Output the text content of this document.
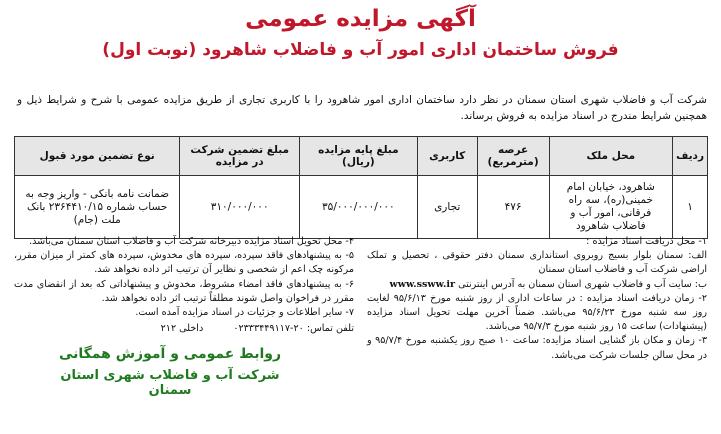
آگهی مزایده عمومی
فروش ساختمان اداری امور آب و فاضلاب شاهرود (نوبت اول)
شرکت آب و فاضلاب شهری استان سمنان در نظر دارد ساختمان اداری امور شاهرود را با کاربری تجاری از طریق مزایده عمومی با شرح و شرایط ذیل و همچنین شرایط مندرج در اسناد مزایده به فروش برساند.
ردیف	محل ملک	عرصه (مترمربع)	کاربری	مبلغ پایه مزایده (ریال)	مبلغ تضمین شرکت در مزایده	نوع تضمین مورد قبول
۱	شاهرود، خیابان امام خمینی(ره)، سه راه فرقانی، امور آب و فاضلاب شاهرود	۴۷۶	تجاری	۳۵/۰۰۰/۰۰۰/۰۰۰	۳۱۰/۰۰۰/۰۰۰	ضمانت نامه بانکی - واریز وجه به حساب شماره ۲۳۶۴۴۱۰/۱۵ بانک ملت (جام)

۱- محل دریافت اسناد مزایده :

الف: سمنان بلوار بسیج روبروی استانداری سمنان دفتر حقوقی ، تحصیل و تملک اراضی شرکت آب و فاضلاب استان سمنان

ب: سایت آب و فاضلاب شهری استان سمنان به آدرس اینترنتی www.ssww.ir

۲- زمان دریافت اسناد مزایده : در ساعات اداری از روز شنبه مورخ ۹۵/۶/۱۳ لغایت روز سه شنبه مورخ ۹۵/۶/۲۳ می‌باشد. ضمناً آخرین مهلت تحویل اسناد مزایده (پیشنهادات) ساعت ۱۵ روز شنبه مورخ ۹۵/۷/۳ می‌باشد.

۳- زمان و مکان باز گشایی اسناد مزایده: ساعت ۱۰ صبح روز یکشنبه مورخ ۹۵/۷/۴ و در محل سالن جلسات شرکت می‌باشد.

۴- محل تحویل اسناد مزایده دبیرخانه شرکت آب و فاضلاب استان سمنان می‌باشد.

۵- به پیشنهادهای فاقد سپرده، سپرده های مخدوش، سپرده های کمتر از میزان مقرر، مرکونه چک اعم از شخصی و نظایر آن ترتیب اثر داده نخواهد شد.

۶- به پیشنهادهای فاقد امضاء مشروط، مخدوش و پیشنهاداتی که بعد از انقضای مدت مقرر در فراخوان واصل شوند مطلقاً ترتیب اثر داده نخواهد شد.

۷- سایر اطلاعات و جزئیات در اسناد مزایده آمده است.

تلفن تماس: ۲۰-۰۲۳۳۳۴۴۹۱۱۷  داخلی ۲۱۲

روابط عمومی و آموزش همگانی
شرکت آب و فاضلاب شهری استان سمنان
